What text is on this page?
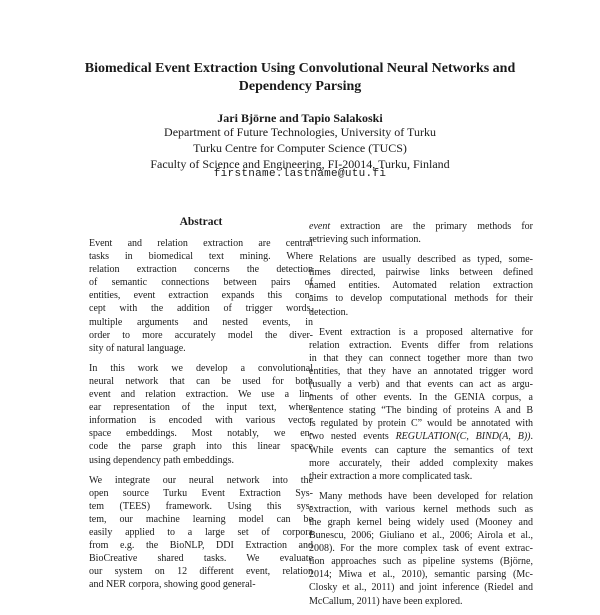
Biomedical Event Extraction Using Convolutional Neural Networks and
Dependency Parsing
Jari Björne and Tapio Salakoski
Department of Future Technologies, University of Turku
Turku Centre for Computer Science (TUCS)
Faculty of Science and Engineering, FI-20014, Turku, Finland
firstname.lastname@utu.fi
Abstract
Event and relation extraction are central
tasks in biomedical text mining. Where
relation extraction concerns the detection
of semantic connections between pairs of
entities, event extraction expands this con-
cept with the addition of trigger words,
multiple arguments and nested events, in
order to more accurately model the diver-
sity of natural language.
In this work we develop a convolutional
neural network that can be used for both
event and relation extraction. We use a lin-
ear representation of the input text, where
information is encoded with various vector
space embeddings. Most notably, we en-
code the parse graph into this linear space
using dependency path embeddings.
We integrate our neural network into the
open source Turku Event Extraction Sys-
tem (TEES) framework. Using this sys-
tem, our machine learning model can be
easily applied to a large set of corpora
from e.g. the BioNLP, DDI Extraction and
BioCreative shared tasks. We evaluate
our system on 12 different event, relation
and NER corpora, showing good general-
event extraction are the primary methods for
retrieving such information.
Relations are usually described as typed, some-
times directed, pairwise links between defined
named entities. Automated relation extraction
aims to develop computational methods for their
detection.
Event extraction is a proposed alternative for
relation extraction. Events differ from relations
in that they can connect together more than two
entities, that they have an annotated trigger word
(usually a verb) and that events can act as argu-
ments of other events. In the GENIA corpus, a
sentence stating “The binding of proteins A and B
is regulated by protein C” would be annotated with
two nested events REGULATION(C, BIND(A, B)).
While events can capture the semantics of text
more accurately, their added complexity makes
their extraction a more complicated task.
Many methods have been developed for relation
extraction, with various kernel methods such as
the graph kernel being widely used (Mooney and
Bunescu, 2006; Giuliano et al., 2006; Airola et al.,
2008). For the more complex task of event extrac-
tion approaches such as pipeline systems (Björne,
2014; Miwa et al., 2010), semantic parsing (Mc-
Closky et al., 2011) and joint inference (Riedel and
McCallum, 2011) have been explored.
